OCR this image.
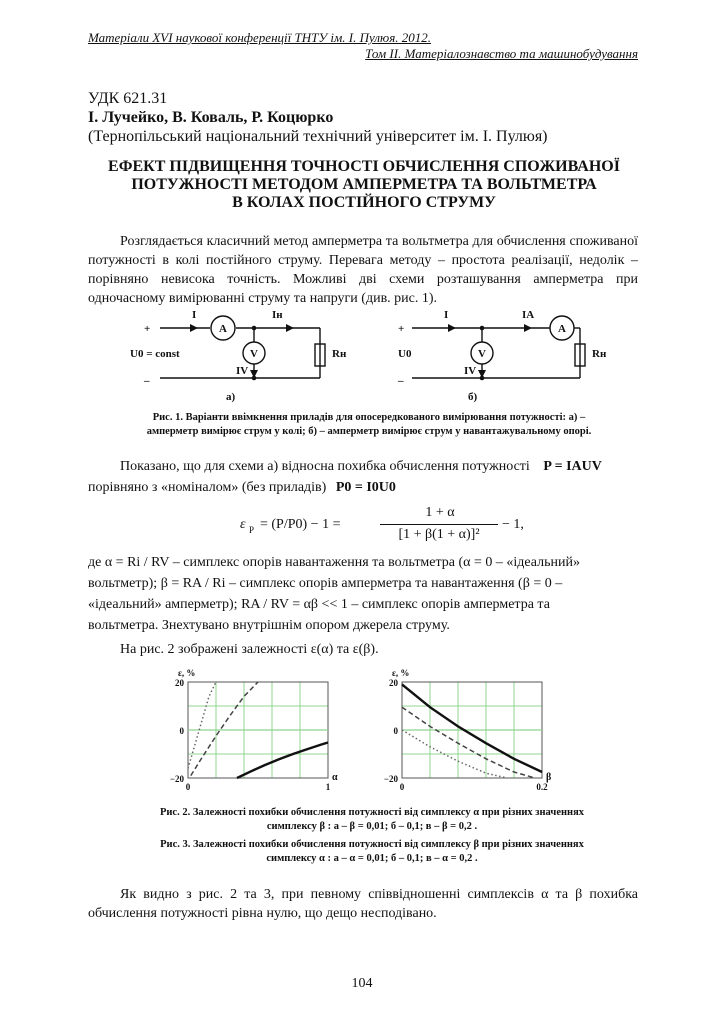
Матеріали XVI наукової конференції ТНТУ ім. І. Пулюя. 2012.
Том ІІ. Матеріалознавство та машинобудування
УДК 621.31
І. Лучейко, В. Коваль, Р. Коцюрко
(Тернопільський національний технічний університет ім. І. Пулюя)
ЕФЕКТ ПІДВИЩЕННЯ ТОЧНОСТІ ОБЧИСЛЕННЯ СПОЖИВАНОЇ
ПОТУЖНОСТІ МЕТОДОМ АМПЕРМЕТРА ТА ВОЛЬТМЕТРА
В КОЛАХ ПОСТІЙНОГО СТРУМУ
Розглядається класичний метод амперметра та вольтметра для обчислення споживаної потужності в колі постійного струму. Перевага методу – простота реалізації, недолік – порівняно невисока точність. Можливі дві схеми розташування амперметра при одночасному вимірюванні струму та напруги (див. рис. 1).
+
–
I	Iн
A
V
IV
U0 = const	Rн
а)
+
–
I	IA
A
V
IV
U0	Rн
б)
Рис. 1. Варіанти ввімкнення приладів для опосередкованого вимірювання потужності: а) –
амперметр вимірює струм у колі; б) – амперметр вимірює струм у навантажувальному опорі.
Показано, що для схеми а) відносна похибка обчислення потужності P = IAUV
порівняно з «номіналом» (без приладів) P0 = I0U0
ε P = (P/P0) − 1 =
1 + α
[1 + β(1 + α)]²
− 1,
де α = Rі / RV – симплекс опорів навантаження та вольтметра (α = 0 – «ідеальний»
вольтметр); β = RA / Rі – симплекс опорів амперметра та навантаження (β = 0 –
«ідеальний» амперметр); RA / RV = αβ << 1 – симплекс опорів амперметра та
вольтметра. Знехтувано внутрішнім опором джерела струму.
На рис. 2 зображені залежності ε(α) та ε(β).
20
0
−20
0	1
ε, %
α
20
0
−20
0	0.2
ε, %
β
Рис. 2. Залежності похибки обчислення потужності від симплексу α при різних значеннях
симплексу β : а – β = 0,01; б – 0,1; в – β = 0,2 .
Рис. 3. Залежності похибки обчислення потужності від симплексу β при різних значеннях
симплексу α : а – α = 0,01; б – 0,1; в – α = 0,2 .
Як видно з рис. 2 та 3, при певному співвідношенні симплексів α та β похибка обчислення потужності рівна нулю, що дещо несподівано.
104
